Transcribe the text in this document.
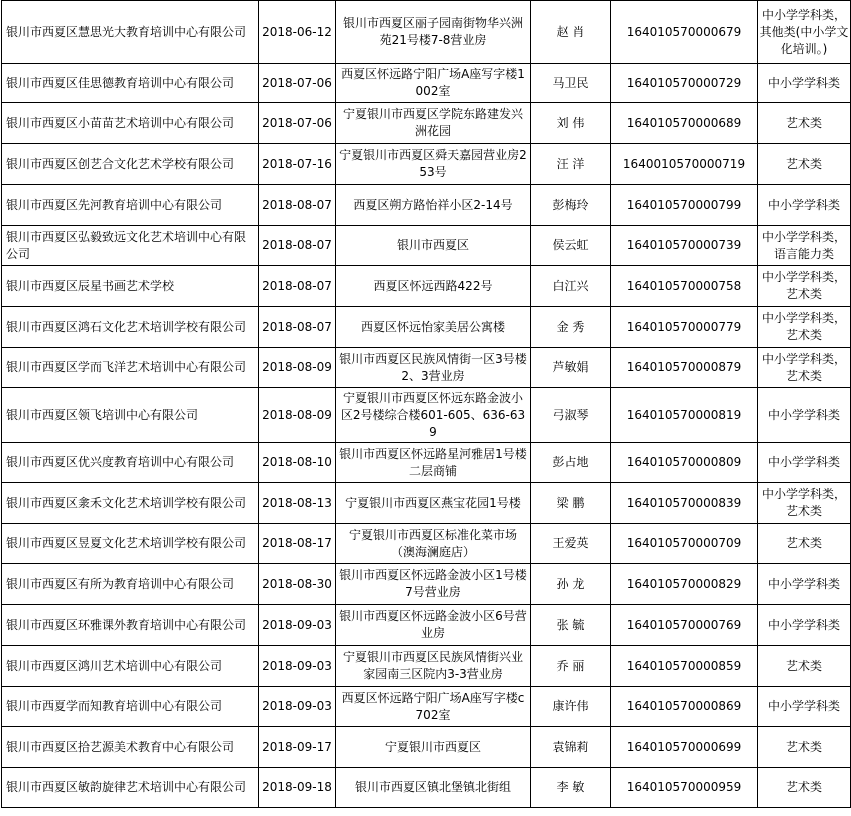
银川市西夏区慧思光大教育培训中心有限公司	2018-06-12	银川市西夏区丽子园南街物华兴洲苑21号楼7-8营业房	赵 肖	164010570000679	中小学学科类，其他类(中小学文化培训。)
银川市西夏区佳思德教育培训中心有限公司	2018-07-06	西夏区怀远路宁阳广场A座写字楼1002室	马卫民	164010570000729	中小学学科类
银川市西夏区小苗苗艺术培训中心有限公司	2018-07-06	宁夏银川市西夏区学院东路建发兴洲花园	刘 伟	164010570000689	艺术类
银川市西夏区创艺合文化艺术学校有限公司	2018-07-16	宁夏银川市西夏区舜天嘉园营业房253号	汪 洋	1640010570000719	艺术类
银川市西夏区先河教育培训中心有限公司	2018-08-07	西夏区朔方路怡祥小区2-14号	彭梅玲	164010570000799	中小学学科类
银川市西夏区弘毅致远文化艺术培训中心有限公司	2018-08-07	银川市西夏区	侯云虹	164010570000739	中小学学科类，语言能力类
银川市西夏区辰星书画艺术学校	2018-08-07	西夏区怀远西路422号	白江兴	164010570000758	中小学学科类，艺术类
银川市西夏区鸿石文化艺术培训学校有限公司	2018-08-07	西夏区怀远怡家美居公寓楼	金 秀	164010570000779	中小学学科类，艺术类
银川市西夏区学而飞洋艺术培训中心有限公司	2018-08-09	银川市西夏区民族风情街一区3号楼2、3营业房	芦敏娟	164010570000879	中小学学科类，艺术类
银川市西夏区领飞培训中心有限公司	2018-08-09	宁夏银川市西夏区怀远东路金波小区2号楼综合楼601-605、636-639	弓淑琴	164010570000819	中小学学科类
银川市西夏区优兴度教育培训中心有限公司	2018-08-10	银川市西夏区怀远路星河雅居1号楼二层商铺	彭占地	164010570000809	中小学学科类
银川市西夏区淾禾文化艺术培训学校有限公司	2018-08-13	宁夏银川市西夏区燕宝花园1号楼	梁 鹏	164010570000839	中小学学科类，艺术类
银川市西夏区昱夏文化艺术培训学校有限公司	2018-08-17	宁夏银川市西夏区标准化菜市场（澳海澜庭店）	王爱英	164010570000709	艺术类
银川市西夏区有所为教育培训中心有限公司	2018-08-30	银川市西夏区怀远路金波小区1号楼7号营业房	孙 龙	164010570000829	中小学学科类
银川市西夏区环雅课外教育培训中心有限公司	2018-09-03	银川市西夏区怀远路金波小区6号营业房	张 毓	164010570000769	中小学学科类
银川市西夏区鸿川艺术培训中心有限公司	2018-09-03	宁夏银川市西夏区民族风情街兴业家园南三区院内3-3营业房	乔 丽	164010570000859	艺术类
银川市西夏学而知教育培训中心有限公司	2018-09-03	西夏区怀远路宁阳广场A座写字楼c702室	康许伟	164010570000869	中小学学科类
银川市西夏区拾艺源美术教育中心有限公司	2018-09-17	宁夏银川市西夏区	袁锦莉	164010570000699	艺术类
银川市西夏区敏韵旋律艺术培训中心有限公司	2018-09-18	银川市西夏区镇北堡镇北街组	李 敏	164010570000959	艺术类
